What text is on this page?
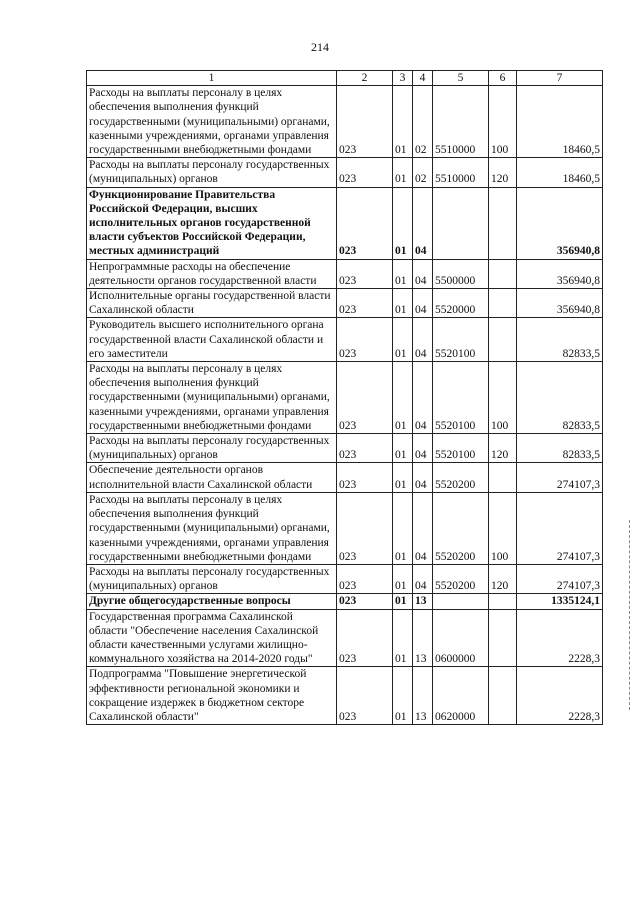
214
1	2	3	4	5	6	7
Расходы на выплаты персоналу в целях обеспечения выполнения функций государственными (муниципальными) органами, казенными учреждениями, органами управления государственными внебюджетными фондами	023	01	02	5510000	100	18460,5
Расходы на выплаты персоналу государственных (муниципальных) органов	023	01	02	5510000	120	18460,5
Функционирование Правительства Российской Федерации, высших исполнительных органов государственной власти субъектов Российской Федерации, местных администраций	023	01	04			356940,8
Непрограммные расходы на обеспечение деятельности органов государственной власти	023	01	04	5500000		356940,8
Исполнительные органы государственной власти Сахалинской области	023	01	04	5520000		356940,8
Руководитель высшего исполнительного органа государственной власти Сахалинской области и его заместители	023	01	04	5520100		82833,5
Расходы на выплаты персоналу в целях обеспечения выполнения функций государственными (муниципальными) органами, казенными учреждениями, органами управления государственными внебюджетными фондами	023	01	04	5520100	100	82833,5
Расходы на выплаты персоналу государственных (муниципальных) органов	023	01	04	5520100	120	82833,5
Обеспечение деятельности органов исполнительной власти Сахалинской области	023	01	04	5520200		274107,3
Расходы на выплаты персоналу в целях обеспечения выполнения функций государственными (муниципальными) органами, казенными учреждениями, органами управления государственными внебюджетными фондами	023	01	04	5520200	100	274107,3
Расходы на выплаты персоналу государственных (муниципальных) органов	023	01	04	5520200	120	274107,3
Другие общегосударственные вопросы	023	01	13			1335124,1
Государственная программа Сахалинской области "Обеспечение населения Сахалинской области качественными услугами жилищно-коммунального хозяйства на 2014-2020 годы"	023	01	13	0600000		2228,3
Подпрограмма "Повышение энергетической эффективности региональной экономики и сокращение издержек в бюджетном секторе Сахалинской области"	023	01	13	0620000		2228,3
